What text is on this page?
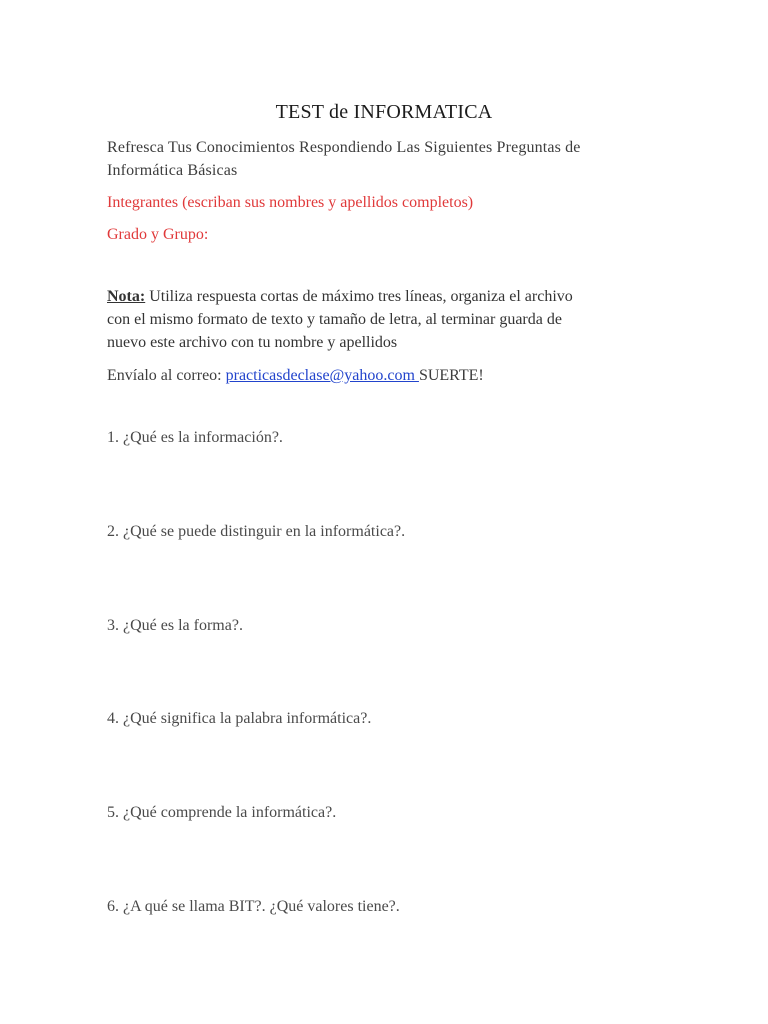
TEST de INFORMATICA
Refresca Tus Conocimientos Respondiendo Las Siguientes Preguntas de
Informática Básicas
Integrantes (escriban sus nombres y apellidos completos)
Grado y Grupo:
Nota: Utiliza respuesta cortas de máximo tres líneas, organiza el archivo
con el mismo formato de texto y tamaño de letra, al terminar guarda de
nuevo este archivo con tu nombre y apellidos
Envíalo al correo: practicasdeclase@yahoo.com SUERTE!
1. ¿Qué es la información?.
2. ¿Qué se puede distinguir en la informática?.
3. ¿Qué es la forma?.
4. ¿Qué significa la palabra informática?.
5. ¿Qué comprende la informática?.
6. ¿A qué se llama BIT?. ¿Qué valores tiene?.
